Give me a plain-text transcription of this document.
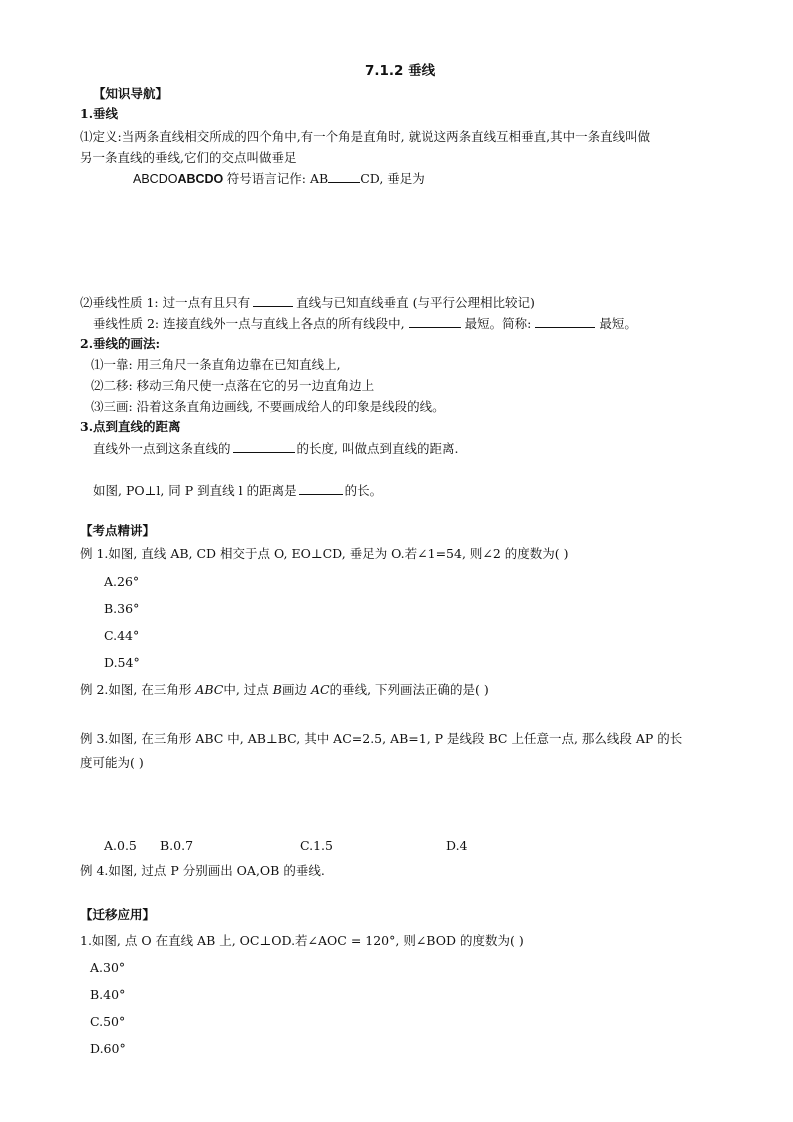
7.1.2 垂线
【知识导航】
1.垂线
⑴定义:当两条直线相交所成的四个角中,有一个角是直角时, 就说这两条直线互相垂直,其中一条直线叫做
另一条直线的垂线,它们的交点叫做垂足
ABCDOABCDO 符号语言记作: AB	CD, 垂足为
⑵垂线性质 1: 过一点有且只有	直线与已知直线垂直 (与平行公理相比较记)
垂线性质 2: 连接直线外一点与直线上各点的所有线段中,	最短。简称:	最短。
2.垂线的画法:
⑴一靠: 用三角尺一条直角边靠在已知直线上,
⑵二移: 移动三角尺使一点落在它的另一边直角边上
⑶三画: 沿着这条直角边画线, 不要画成给人的印象是线段的线。
3.点到直线的距离
直线外一点到这条直线的	的长度, 叫做点到直线的距离.
如图, PO⊥l, 同 P 到直线 l 的距离是	的长。
【考点精讲】
例 1.如图, 直线 AB, CD 相交于点 O, EO⊥CD, 垂足为 O.若∠1=54, 则∠2 的度数为( )
A.26°
B.36°
C.44°
D.54°
例 2.如图, 在三角形 ABC中, 过点 B画边 AC的垂线, 下列画法正确的是( )
例 3.如图, 在三角形 ABC 中, AB⊥BC, 其中 AC=2.5, AB=1, P 是线段 BC 上任意一点, 那么线段 AP 的长
度可能为( )
A.0.5 B.0.7	C.1.5	D.4
例 4.如图, 过点 P 分别画出 OA,OB 的垂线.
【迁移应用】
1.如图, 点 O 在直线 AB 上, OC⊥OD.若∠AOC = 120°, 则∠BOD 的度数为( )
A.30°
B.40°
C.50°
D.60°
